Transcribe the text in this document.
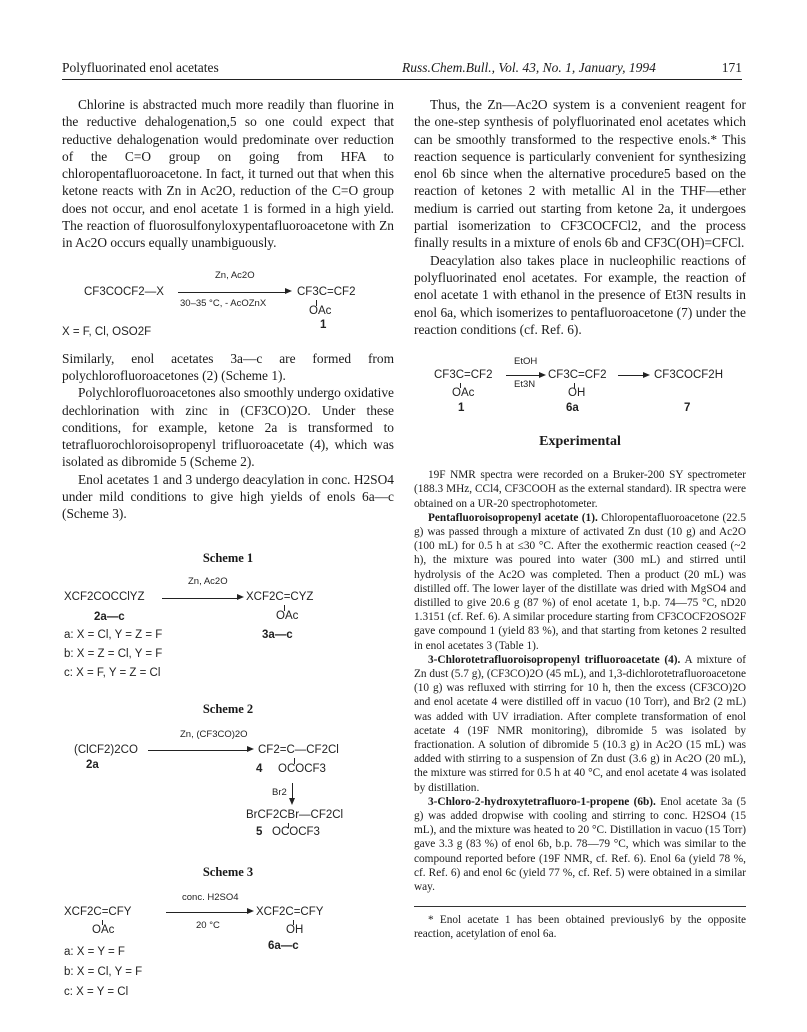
Polyfluorinated enol acetates	Russ.Chem.Bull., Vol. 43, No. 1, January, 1994	171

Chlorine is abstracted much more readily than fluorine in the reductive dehalogenation,5 so one could expect that reductive dehalogenation would predominate over reduction of the C=O group on going from HFA to chloropentafluoroacetone. In fact, it turned out that when this ketone reacts with Zn in Ac2O, reduction of the C=O group does not occur, and enol acetate 1 is formed in a high yield. The reaction of fluorosulfonyloxypentafluoroacetone with Zn in Ac2O occurs equally unambiguously.

CF3COCF2—X
Zn, Ac2O
30–35 °C, - AcOZnX
CF3C=CF2
OAc
1
X = F, Cl, OSO2F

Similarly, enol acetates 3a—c are formed from polychlorofluoroacetones (2) (Scheme 1).

Polychlorofluoroacetones also smoothly undergo oxidative dechlorination with zinc in (CF3CO)2O. Under these conditions, for example, ketone 2a is transformed to tetrafluorochloroisopropenyl trifluoroacetate (4), which was isolated as dibromide 5 (Scheme 2).

Enol acetates 1 and 3 undergo deacylation in conc. H2SO4 under mild conditions to give high yields of enols 6a—c (Scheme 3).

Scheme 1
Zn, Ac2O
XCF2COCClYZ	XCF2C=CYZ
OAc
2a—c
3a—c
a: X = Cl, Y = Z = F
b: X = Z = Cl, Y = F
c: X = F, Y = Z = Cl
Scheme 2
Zn, (CF3CO)2O
(ClCF2)2CO
2a
CF2=C—CF2Cl
4 OCOCF3
Br2
BrCF2CBr—CF2Cl
5 OCOCF3
Scheme 3
conc. H2SO4
XCF2C=CFY
OAc	20 °C
XCF2C=CFY
OH
6a—c
a: X = Y = F
b: X = Cl, Y = F
c: X = Y = Cl

Thus, the Zn—Ac2O system is a convenient reagent for the one-step synthesis of polyfluorinated enol acetates which can be smoothly transformed to the respective enols.* This reaction sequence is particularly convenient for synthesizing enol 6b since when the alternative procedure5 based on the reaction of ketones 2 with metallic Al in the THF—ether medium is carried out starting from ketone 2a, it undergoes partial isomerization to CF3COCFCl2, and the process finally results in a mixture of enols 6b and CF3C(OH)=CFCl.

Deacylation also takes place in nucleophilic reactions of polyfluorinated enol acetates. For example, the reaction of enol acetate 1 with ethanol in the presence of Et3N results in enol 6a, which isomerizes to pentafluoroacetone (7) under the reaction conditions (cf. Ref. 6).

EtOH
CF3C=CF2
OAc
1
Et3N
CF3C=CF2
OH
6a
CF3COCF2H
7
Experimental

19F NMR spectra were recorded on a Bruker-200 SY spectrometer (188.3 MHz, CCl4, CF3COOH as the external standard). IR spectra were obtained on a UR-20 spectrophotometer.

Pentafluoroisopropenyl acetate (1). Chloropentafluoroacetone (22.5 g) was passed through a mixture of activated Zn dust (10 g) and Ac2O (100 mL) for 0.5 h at ≤30 °C. After the exothermic reaction ceased (~2 h), the mixture was poured into water (300 mL) and stirred until hydrolysis of the Ac2O was completed. Then a product (20 mL) was distilled off. The lower layer of the distillate was dried with MgSO4 and distilled to give 20.6 g (87 %) of enol acetate 1, b.p. 74—75 °C, nD20 1.3151 (cf. Ref. 6). A similar procedure starting from CF3COCF2OSO2F gave compound 1 (yield 83 %), and that starting from ketones 2 resulted in enol acetates 3 (Table 1).

3-Chlorotetrafluoroisopropenyl trifluoroacetate (4). A mixture of Zn dust (5.7 g), (CF3CO)2O (45 mL), and 1,3-dichlorotetrafluoroacetone (10 g) was refluxed with stirring for 10 h, then the excess (CF3CO)2O and enol acetate 4 were distilled off in vacuo (10 Torr), and Br2 (2 mL) was added with UV irradiation. After complete transformation of enol acetate 4 (19F NMR monitoring), dibromide 5 was isolated by fractionation. A solution of dibromide 5 (10.3 g) in Ac2O (15 mL) was added with stirring to a suspension of Zn dust (3.6 g) in Ac2O (20 mL), the mixture was stirred for 0.5 h at 40 °C, and enol acetate 4 was isolated by distillation.

3-Chloro-2-hydroxytetrafluoro-1-propene (6b). Enol acetate 3a (5 g) was added dropwise with cooling and stirring to conc. H2SO4 (15 mL), and the mixture was heated to 20 °C. Distillation in vacuo (15 Torr) gave 3.3 g (83 %) of enol 6b, b.p. 78—79 °C, which was similar to the compound reported before (19F NMR, cf. Ref. 6). Enol 6a (yield 78 %, cf. Ref. 6) and enol 6c (yield 77 %, cf. Ref. 5) were obtained in a similar way.

* Enol acetate 1 has been obtained previously6 by the opposite reaction, acetylation of enol 6a.
